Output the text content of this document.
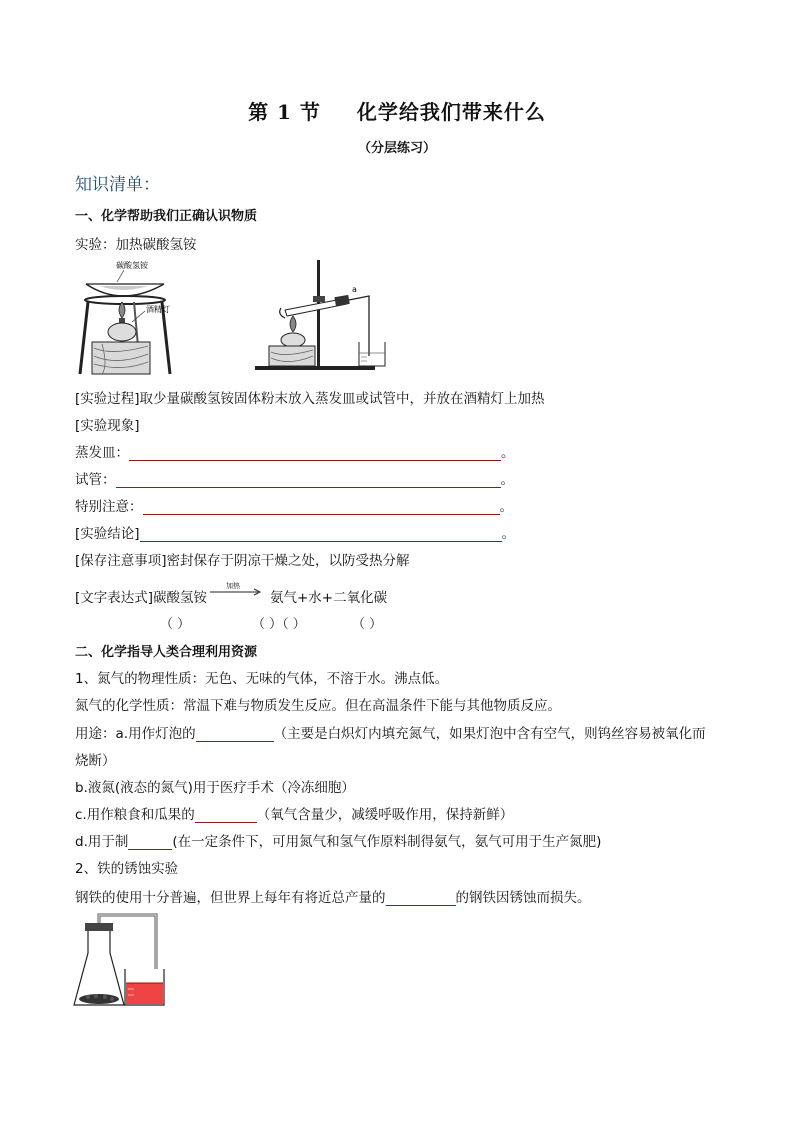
第 1 节 化学给我们带来什么
（分层练习）
知识清单：
一、化学帮助我们正确认识物质
实验：加热碳酸氢铵
碳酸氢铵
酒精灯
a
[实验过程]取少量碳酸氢铵固体粉末放入蒸发皿或试管中，并放在酒精灯上加热
[实验现象]
蒸发皿：	。
试管：	。
特别注意：	。
[实验结论]	。
[保存注意事项]密封保存于阴凉干燥之处，以防受热分解
[文字表达式]碳酸氢铵
加热
氨气+水+二氧化碳
（ ）	（ ）（ ）	（ ）
二、化学指导人类合理利用资源
1、氮气的物理性质：无色、无味的气体，不溶于水。沸点低。
氮气的化学性质：常温下难与物质发生反应。但在高温条件下能与其他物质反应。
用途：a.用作灯泡的	（主要是白炽灯内填充氮气，如果灯泡中含有空气，则钨丝容易被氧化而
烧断）
b.液氮(液态的氮气)用于医疗手术（冷冻细胞）
c.用作粮食和瓜果的	（氧气含量少，减缓呼吸作用，保持新鲜）
d.用于制	(在一定条件下，可用氮气和氢气作原料制得氨气，氨气可用于生产氮肥)
2、铁的锈蚀实验
钢铁的使用十分普遍，但世界上每年有将近总产量的	的钢铁因锈蚀而损失。
